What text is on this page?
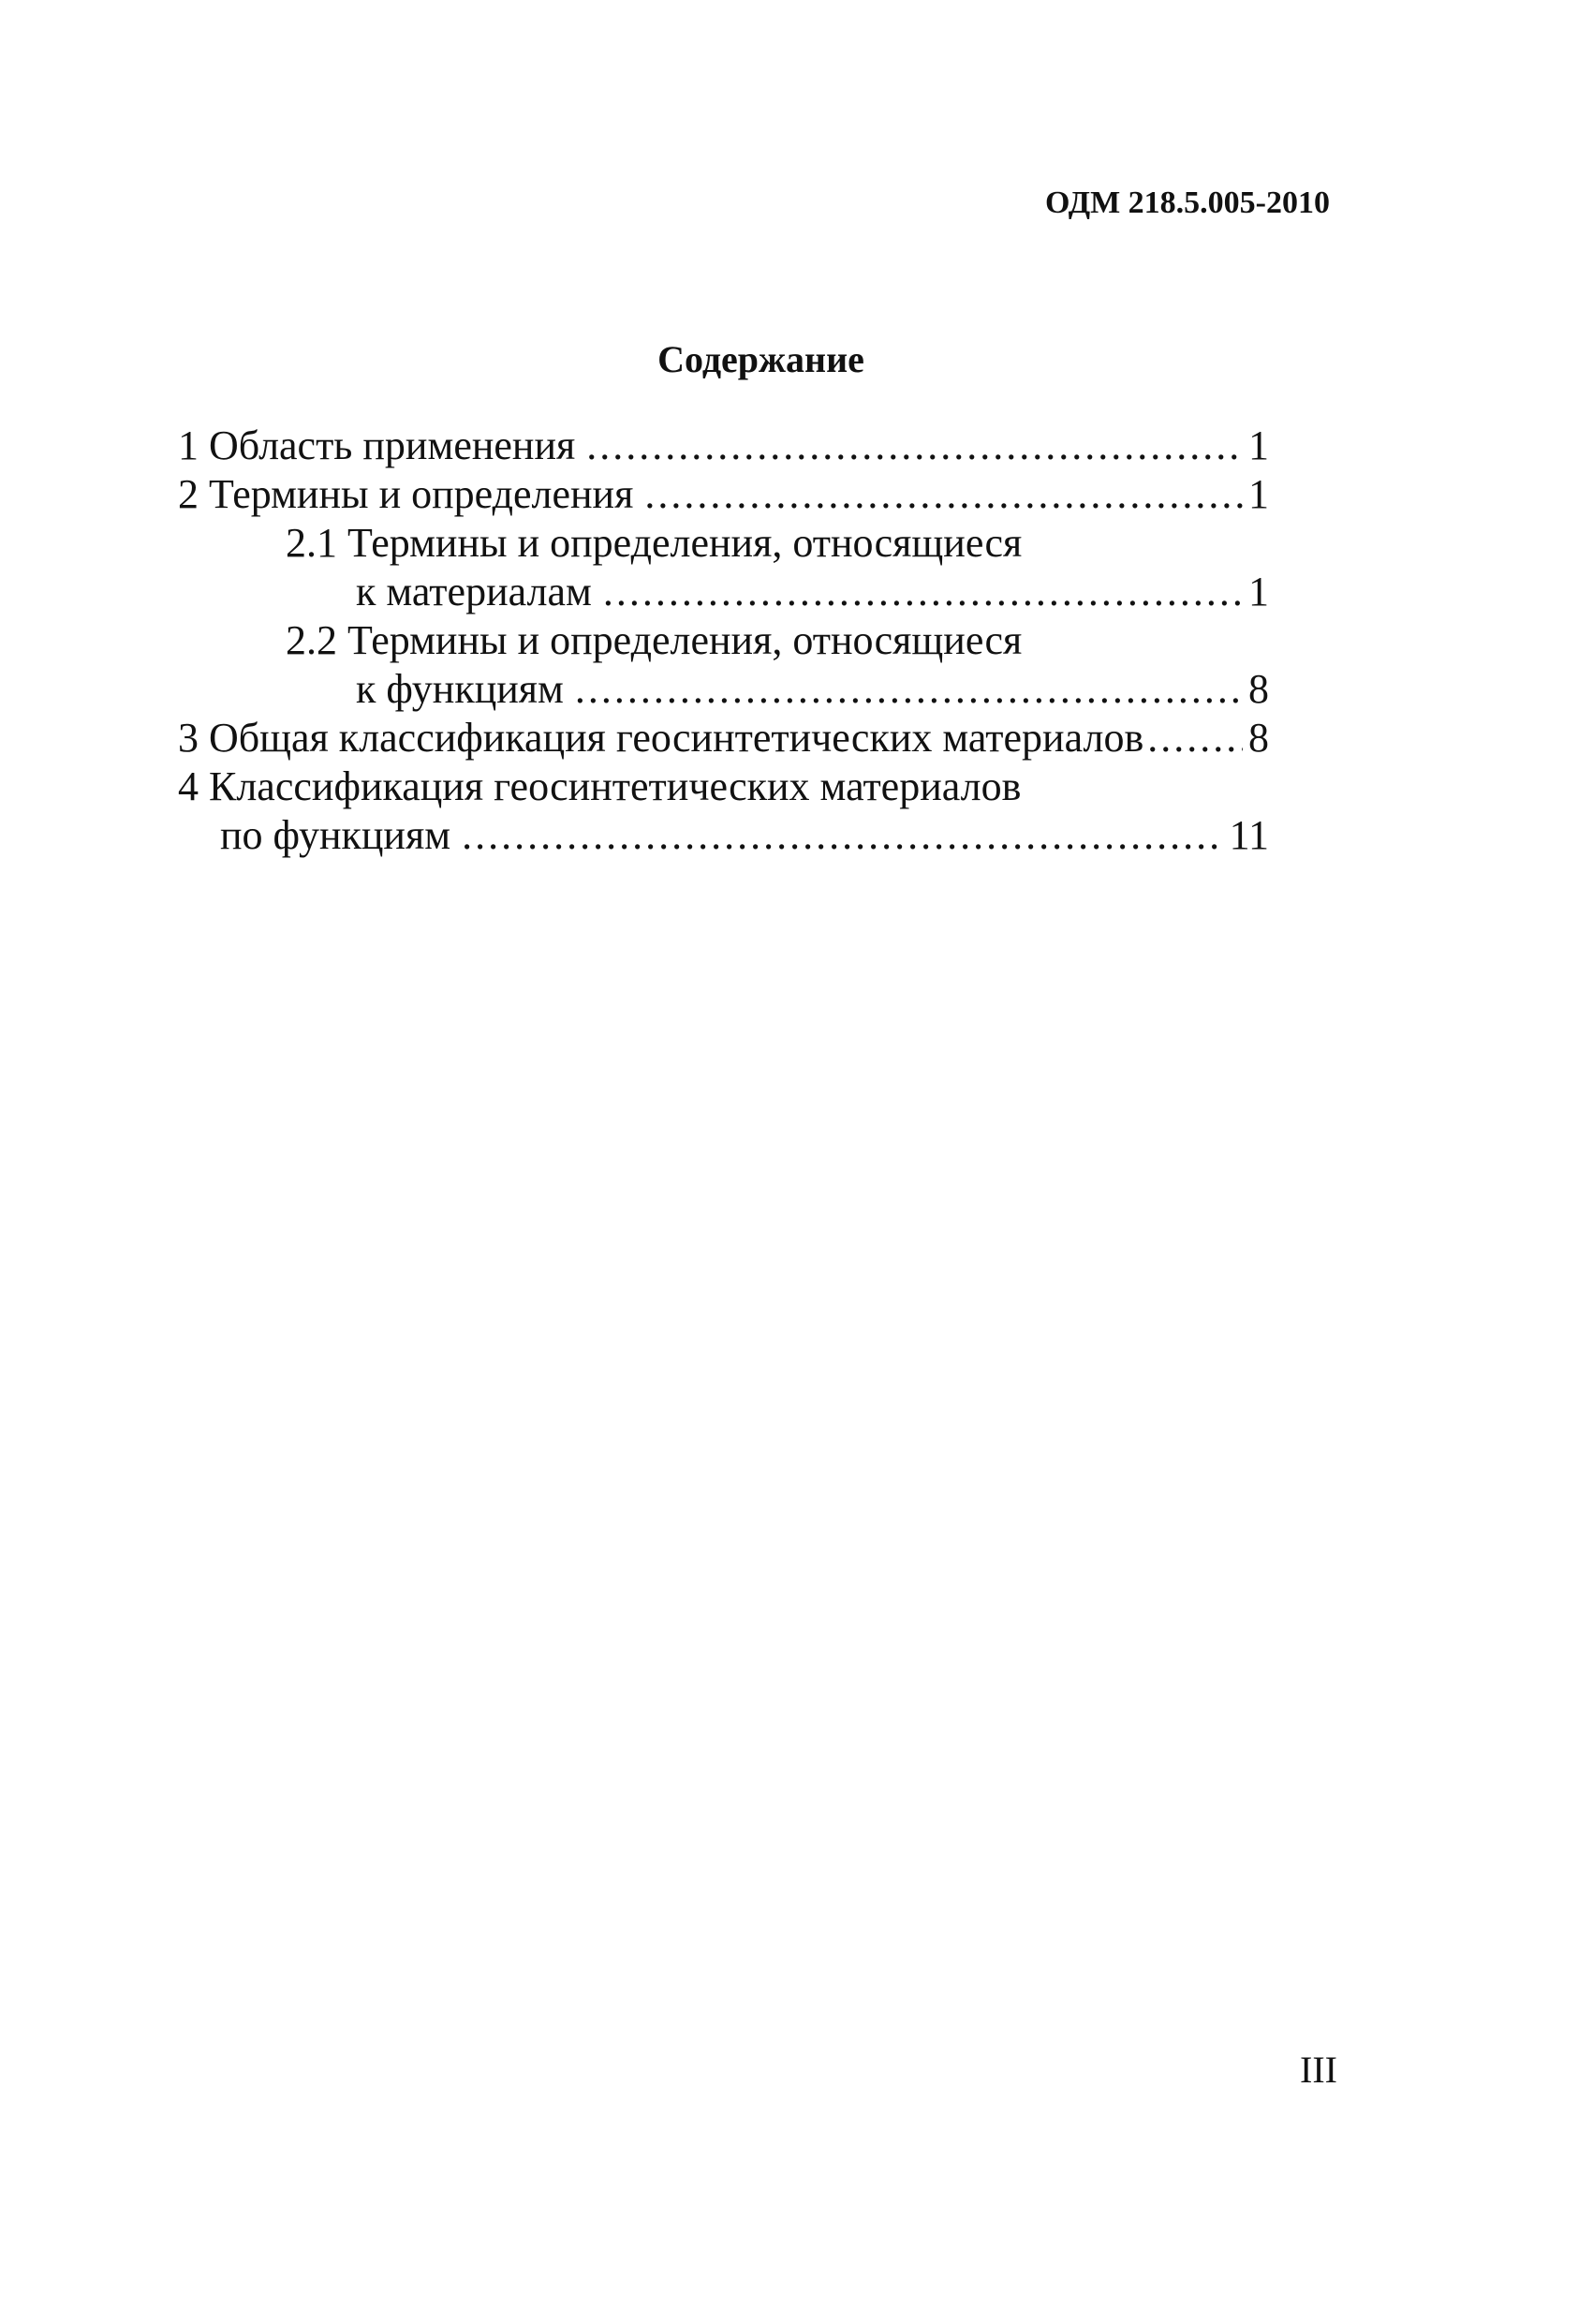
ОДМ 218.5.005-2010
Содержание
1 Область применения .....	1
2 Термины и определения .....	1
2.1 Термины и определения, относящиеся
к материалам .....	1
2.2 Термины и определения, относящиеся
к функциям .....	8
3 Общая классификация геосинтетических материалов .....	8
4 Классификация геосинтетических материалов
по функциям .....	11
III
